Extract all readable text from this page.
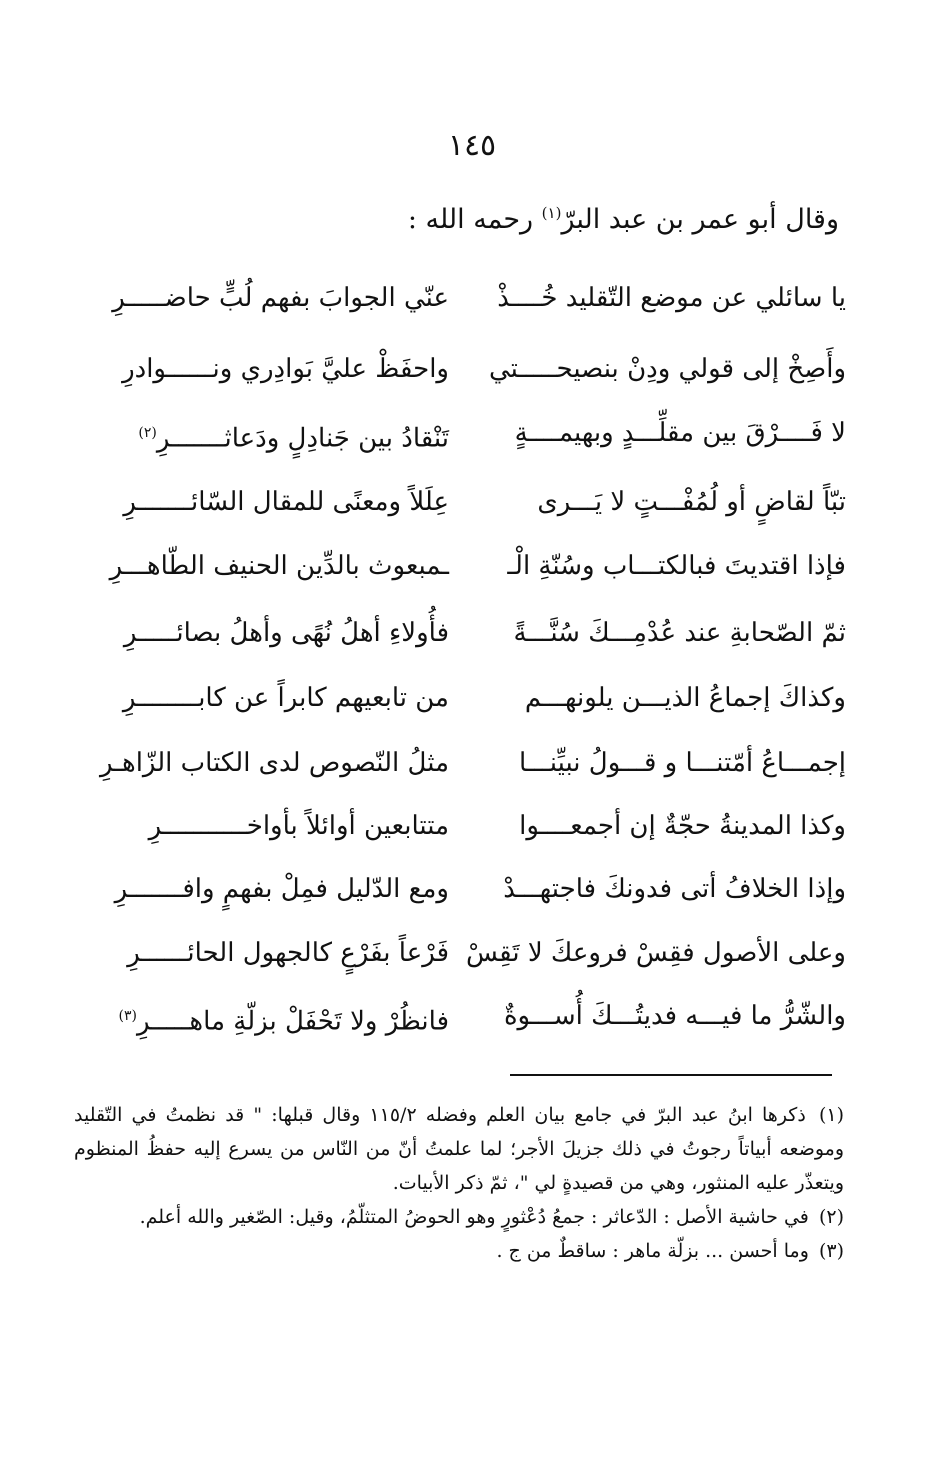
١٤٥
وقال أبو عمر بن عبد البرّ$^{(١)}$ رحمه الله :
يا سائلي عن موضع التّقليد خُــــذْ
عنّي الجوابَ بفهم لُبٍّ حاضـــــرِ
وأَصِخْ إلى قولي ودِنْ بنصيحـــــتي
واحفَظْ عليَّ بَوادِري ونــــــوادرِ
لا فَــــرْقَ بين مقلِّـــدٍ وبهيمــــةٍ
تَنْقادُ بين جَنادِلٍ ودَعاثـــــــرِ$^{(٢)}$
تبّاً لقاضٍ أو لُمُفْـــتٍ لا يَـــرى
عِلَلاً ومعنًى للمقال السّائـــــــرِ
فإذا اقتديتَ فبالكتـــاب وسُنّةِ الْـ
ـمبعوث بالدِّين الحنيف الطّاهـــرِ
ثمّ الصّحابةِ عند عُدْمِـــكَ سُنَّـــةً
فأُولاءِ أهلُ نُهًى وأهلُ بصائـــــرِ
وكذاكَ إجماعُ الذيـــن يلونهـــم
من تابعيهم كابراً عن كابــــــــرِ
إجمـــاعُ أمّتنـــا و قـــولُ نبيِّنـــا
مثلُ النّصوص لدى الكتاب الزّاهـرِ
وكذا المدينةُ حجّةٌ إن أجمعــــوا
متتابعين أوائلاً بأواخـــــــــــرِ
وإذا الخلافُ أتى فدونكَ فاجتهـــدْ
ومع الدّليل فمِلْ بفهمٍ وافـــــــرِ
وعلى الأصول فقِسْ فروعكَ لا تَقِسْ
فَرْعاً بفَرْعٍ كالجهول الحائــــــرِ
والشّرُّ ما فيـــه فديتُـــكَ أُســـوةٌ
فانظُرْ ولا تَحْفَلْ بزلّةِ ماهـــــرِ$^{(٣)}$

(١) ذكرها ابنُ عبد البرّ في جامع بيان العلم وفضله ١١٥/٢ وقال قبلها: " قد نظمتُ في التّقليد وموضعه أبياتاً رجوتُ في ذلك جزيلَ الأجر؛ لما علمتُ أنّ من النّاس من يسرع إليه حفظُ المنظوم ويتعذّر عليه المنثور، وهي من قصيدةٍ لي "، ثمّ ذكر الأبيات.

(٢) في حاشية الأصل : الدّعاثر : جمعُ دُعْثورٍ وهو الحوضُ المتثلّمُ، وقيل: الصّغير والله أعلم.

(٣) وما أحسن ... بزلّة ماهر : ساقطٌ من ج .
